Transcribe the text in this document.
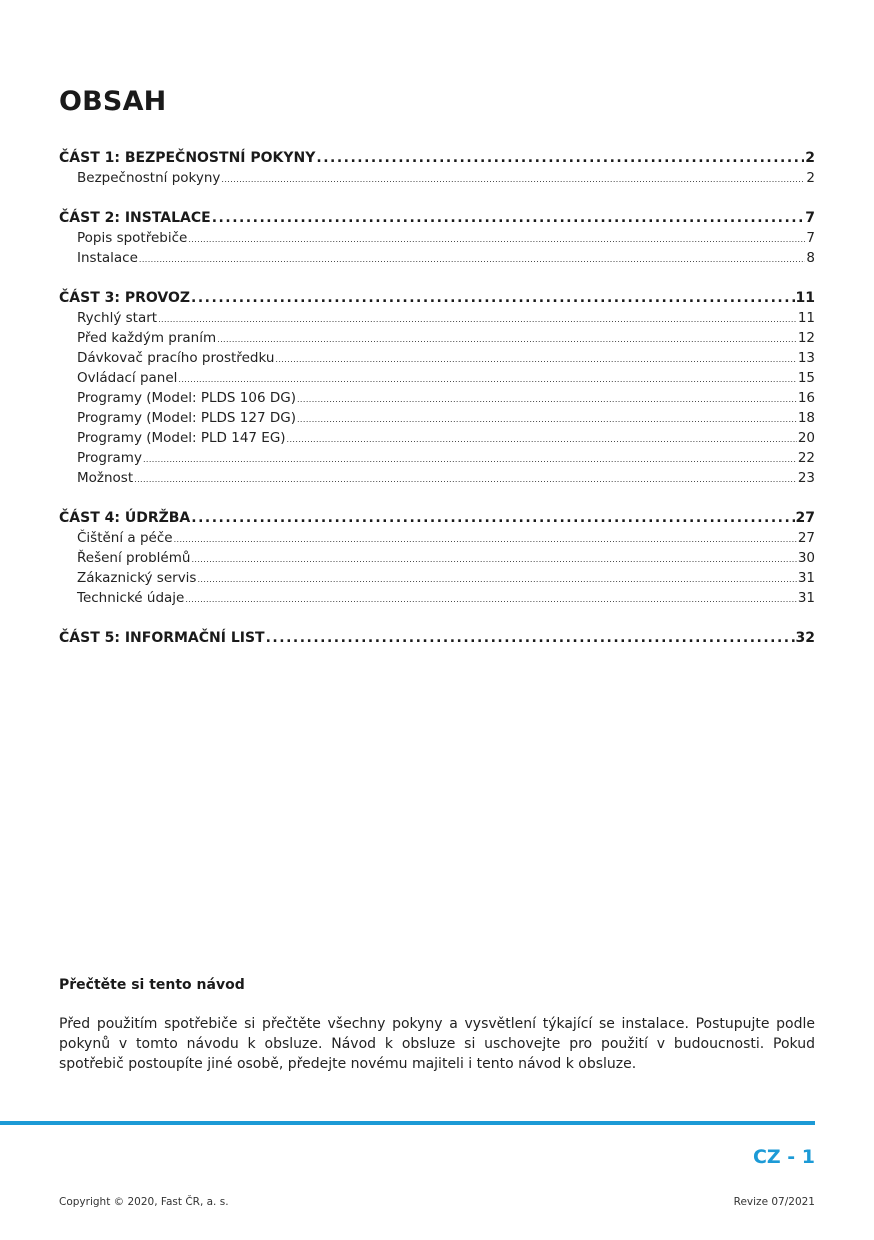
OBSAH
ČÁST 1: BEZPEČNOSTNÍ POKYNY .....	2
Bezpečnostní pokyny .....	2
ČÁST 2: INSTALACE .....	7
Popis spotřebiče .....	7
Instalace .....	8
ČÁST 3: PROVOZ .....	11
Rychlý start .....	11
Před každým praním .....	12
Dávkovač pracího prostředku .....	13
Ovládací panel .....	15
Programy (Model: PLDS 106 DG) .....	16
Programy (Model: PLDS 127 DG) .....	18
Programy (Model: PLD 147 EG) .....	20
Programy .....	22
Možnost .....	23
ČÁST 4: ÚDRŽBA .....	27
Čištění a péče .....	27
Řešení problémů .....	30
Zákaznický servis .....	31
Technické údaje .....	31
ČÁST 5: INFORMAČNÍ LIST .....	32

Přečtěte si tento návod

Před použitím spotřebiče si přečtěte všechny pokyny a vysvětlení týkající se instalace. Postupujte podle pokynů v tomto návodu k obsluze. Návod k obsluze si uschovejte pro použití v budoucnosti. Pokud spotřebič postoupíte jiné osobě, předejte novému majiteli i tento návod k obsluze.

CZ - 1
Copyright © 2020, Fast ČR, a. s.	Revize 07/2021
